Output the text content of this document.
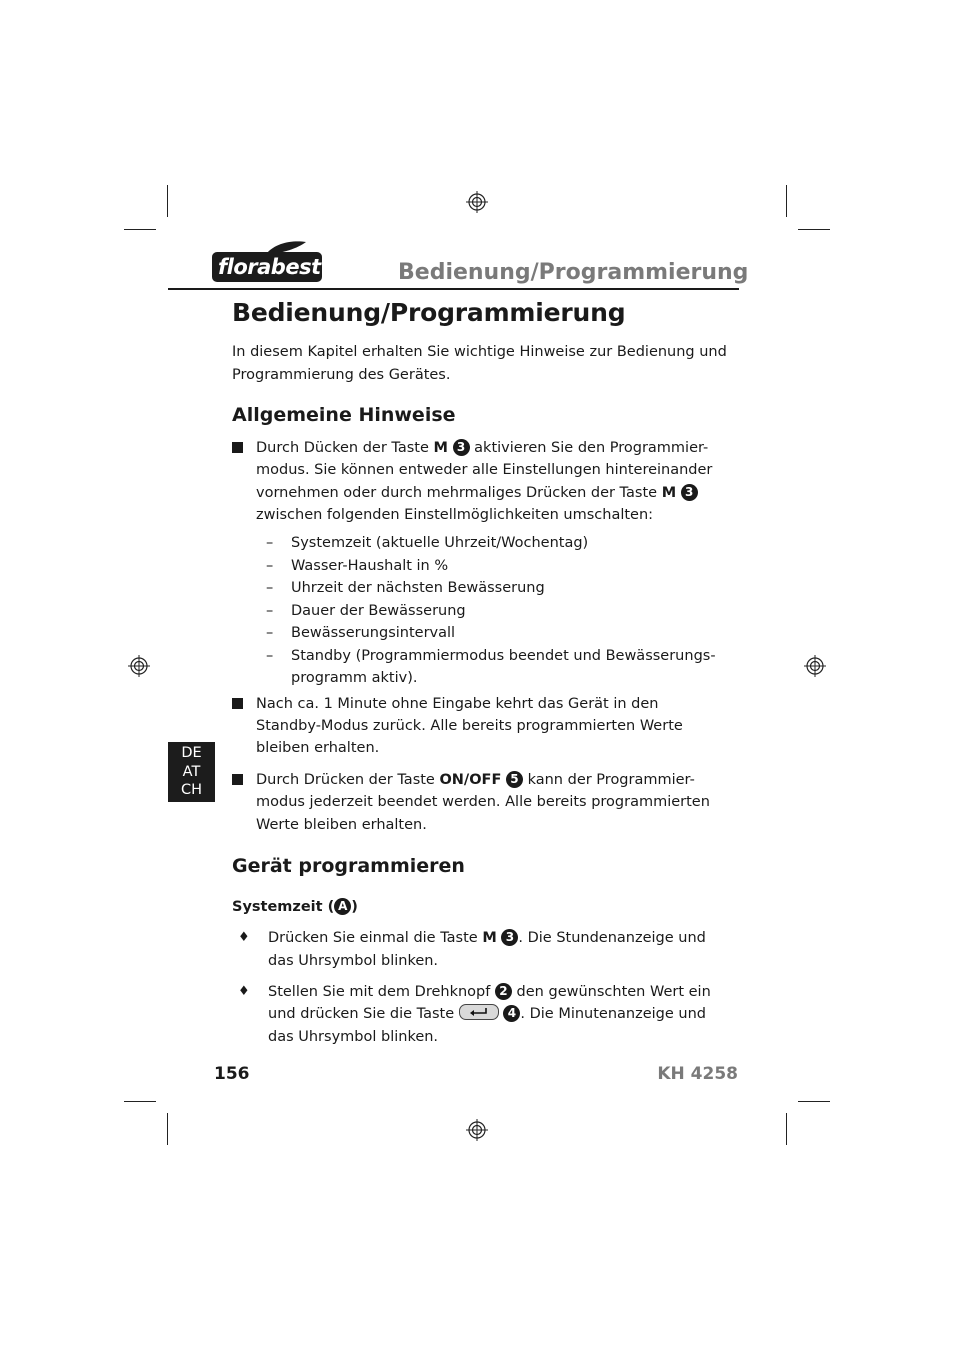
florabest	Bedienung/Programmierung
Bedienung/Programmierung
In diesem Kapitel erhalten Sie wichtige Hinweise zur Bedienung und
Programmierung des Gerätes.
Allgemeine Hinweise
Durch Dücken der Taste M 3 aktivieren Sie den Programmier-
modus. Sie können entweder alle Einstellungen hintereinander
vornehmen oder durch mehrmaliges Drücken der Taste M 3
zwischen folgenden Einstellmöglichkeiten umschalten:
– Systemzeit (aktuelle Uhrzeit/Wochentag)
– Wasser-Haushalt in %
– Uhrzeit der nächsten Bewässerung
– Dauer der Bewässerung
– Bewässerungsintervall
– Standby (Programmiermodus beendet und Bewässerungs-
programm aktiv).
Nach ca. 1 Minute ohne Eingabe kehrt das Gerät in den
Standby-Modus zurück. Alle bereits programmierten Werte
bleiben erhalten.
Durch Drücken der Taste ON/OFF 5 kann der Programmier-
modus jederzeit beendet werden. Alle bereits programmierten
Werte bleiben erhalten.
DE
AT
CH
Gerät programmieren
Systemzeit ( A )
♦ Drücken Sie einmal die Taste M 3 . Die Stundenanzeige und
das Uhrsymbol blinken.
♦ Stellen Sie mit dem Drehknopf 2 den gewünschten Wert ein
und drücken Sie die Taste	4 . Die Minutenanzeige und
das Uhrsymbol blinken.
156	KH 4258
